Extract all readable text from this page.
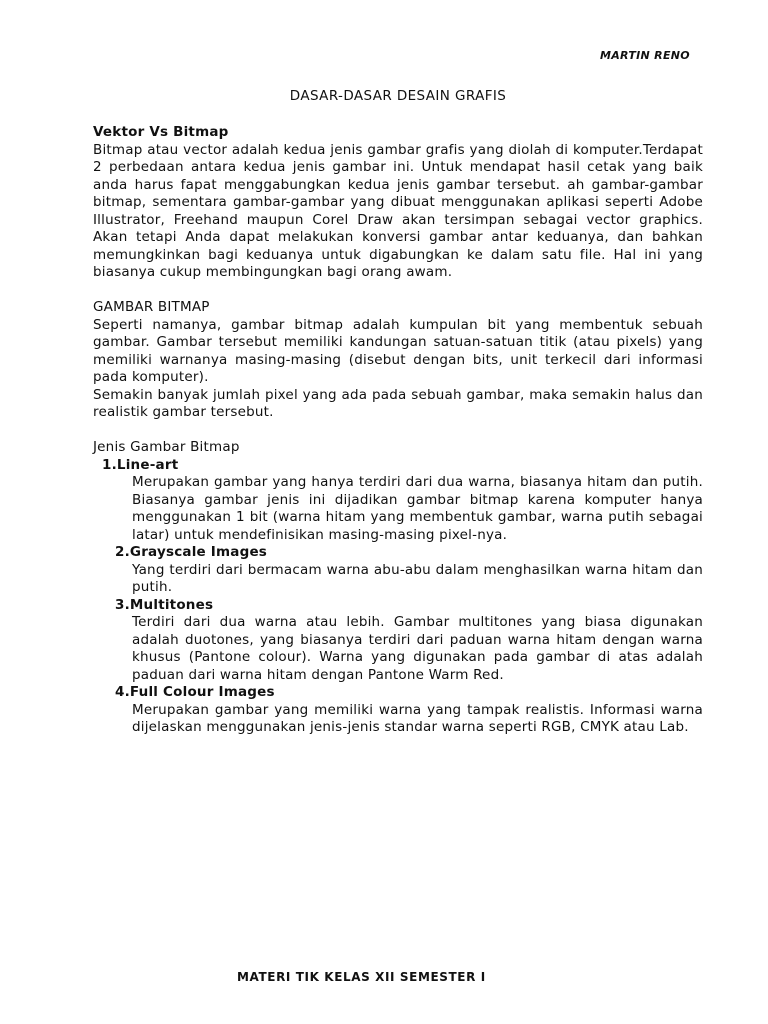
MARTIN RENO
DASAR-DASAR DESAIN GRAFIS
Vektor Vs Bitmap

Bitmap atau vector adalah kedua jenis gambar grafis yang diolah di komputer.Terdapat 2 perbedaan antara kedua jenis gambar ini. Untuk mendapat hasil cetak yang baik anda harus fapat menggabungkan kedua jenis gambar tersebut. ah gambar-gambar bitmap, sementara gambar-gambar yang dibuat menggunakan aplikasi seperti Adobe Illustrator, Freehand maupun Corel Draw akan tersimpan sebagai vector graphics. Akan tetapi Anda dapat melakukan konversi gambar antar keduanya, dan bahkan memungkinkan bagi keduanya untuk digabungkan ke dalam satu file. Hal ini yang biasanya cukup membingungkan bagi orang awam.

GAMBAR BITMAP

Seperti namanya, gambar bitmap adalah kumpulan bit yang membentuk sebuah gambar. Gambar tersebut memiliki kandungan satuan-satuan titik (atau pixels) yang memiliki warnanya masing-masing (disebut dengan bits, unit terkecil dari informasi pada komputer).

Semakin banyak jumlah pixel yang ada pada sebuah gambar, maka semakin halus dan realistik gambar tersebut.

Jenis Gambar Bitmap
1.Line-art
Merupakan gambar yang hanya terdiri dari dua warna, biasanya hitam dan putih. Biasanya gambar jenis ini dijadikan gambar bitmap karena komputer hanya menggunakan 1 bit (warna hitam yang membentuk gambar, warna putih sebagai latar) untuk mendefinisikan masing-masing pixel-nya.
2.Grayscale Images
Yang terdiri dari bermacam warna abu-abu dalam menghasilkan warna hitam dan putih.
3.Multitones
Terdiri dari dua warna atau lebih. Gambar multitones yang biasa digunakan adalah duotones, yang biasanya terdiri dari paduan warna hitam dengan warna khusus (Pantone colour). Warna yang digunakan pada gambar di atas adalah paduan dari warna hitam dengan Pantone Warm Red.
4.Full Colour Images
Merupakan gambar yang memiliki warna yang tampak realistis. Informasi warna dijelaskan menggunakan jenis-jenis standar warna seperti RGB, CMYK atau Lab.
MATERI TIK KELAS XII SEMESTER I
